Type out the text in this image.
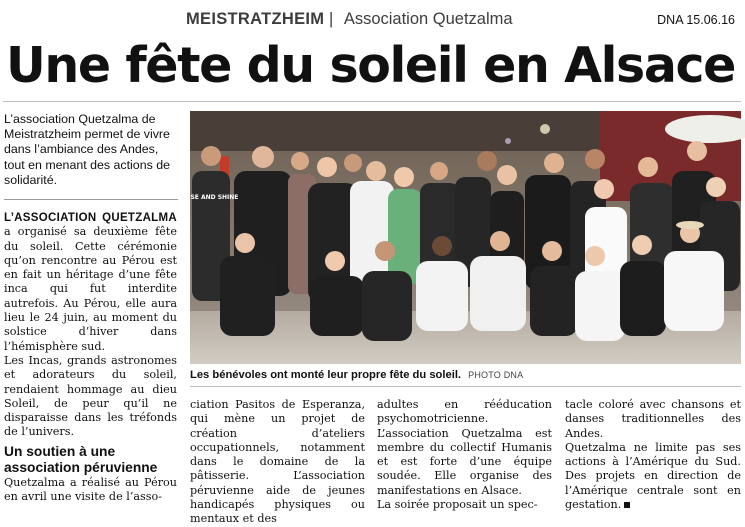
MEISTRATZHEIM | Association Quetzalma	DNA 15.06.16
Une fête du soleil en Alsace
L’association Quetzalma de Meistratzheim permet de vivre dans l’ambiance des Andes, tout en menant des actions de solidarité.

L’ASSOCIATION QUETZALMA a organisé sa deuxième fête du soleil. Cette cérémonie qu’on rencontre au Pérou est en fait un héritage d’une fête inca qui fut interdite autrefois. Au Pérou, elle aura lieu le 24 juin, au moment du solstice d’hiver dans l’hémisphère sud.

Les Incas, grands astronomes et adorateurs du soleil, rendaient hommage au dieu Soleil, de peur qu’il ne disparaisse dans les tréfonds de l’univers.

Un soutien à une association péruvienne
Quetzalma a réalisé au Pérou en avril une visite de l’asso-
RISE AND SHINE
Les bénévoles ont monté leur propre fête du soleil. PHOTO DNA
ciation Pasitos de Esperanza, qui mène un projet de création d’ateliers occupationnels, notamment dans le domaine de la pâtisserie. L’association péruvienne aide de jeunes handicapés physiques ou mentaux et des

adultes en rééducation psychomotricienne.

L’association Quetzalma est membre du collectif Humanis et est forte d’une équipe soudée. Elle organise des manifestations en Alsace.

La soirée proposait un spec-

tacle coloré avec chansons et danses traditionnelles des Andes.

Quetzalma ne limite pas ses actions à l’Amérique du Sud. Des projets en direction de l’Amérique centrale sont en gestation.
